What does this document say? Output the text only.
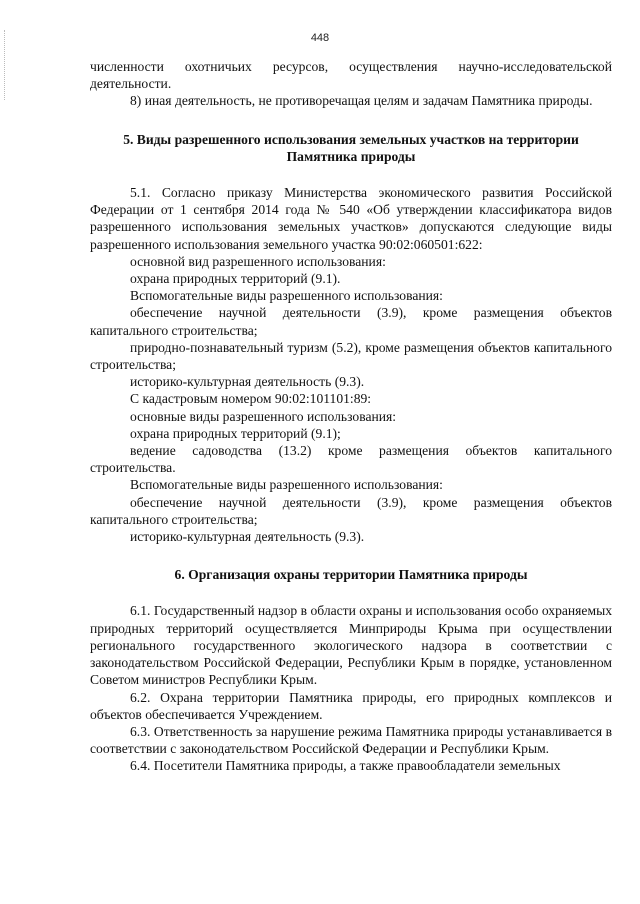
448

численности охотничьих ресурсов, осуществления научно-исследовательской деятельности.

8) иная деятельность, не противоречащая целям и задачам Памятника природы.

5. Виды разрешенного использования земельных участков на территории Памятника природы

5.1. Согласно приказу Министерства экономического развития Российской Федерации от 1 сентября 2014 года № 540 «Об утверждении классификатора видов разрешенного использования земельных участков» допускаются следующие виды разрешенного использования земельного участка 90:02:060501:622:

основной вид разрешенного использования:
охрана природных территорий (9.1).
Вспомогательные виды разрешенного использования:

обеспечение научной деятельности (3.9), кроме размещения объектов капитального строительства;

природно-познавательный туризм (5.2), кроме размещения объектов капитального строительства;

историко-культурная деятельность (9.3).
С кадастровым номером 90:02:101101:89:
основные виды разрешенного использования:
охрана природных территорий (9.1);

ведение садоводства (13.2) кроме размещения объектов капитального строительства.

Вспомогательные виды разрешенного использования:

обеспечение научной деятельности (3.9), кроме размещения объектов капитального строительства;

историко-культурная деятельность (9.3).
6. Организация охраны территории Памятника природы

6.1. Государственный надзор в области охраны и использования особо охраняемых природных территорий осуществляется Минприроды Крыма при осуществлении регионального государственного экологического надзора в соответствии с законодательством Российской Федерации, Республики Крым в порядке, установленном Советом министров Республики Крым.

6.2. Охрана территории Памятника природы, его природных комплексов и объектов обеспечивается Учреждением.

6.3. Ответственность за нарушение режима Памятника природы устанавливается в соответствии с законодательством Российской Федерации и Республики Крым.

6.4. Посетители Памятника природы, а также правообладатели земельных
